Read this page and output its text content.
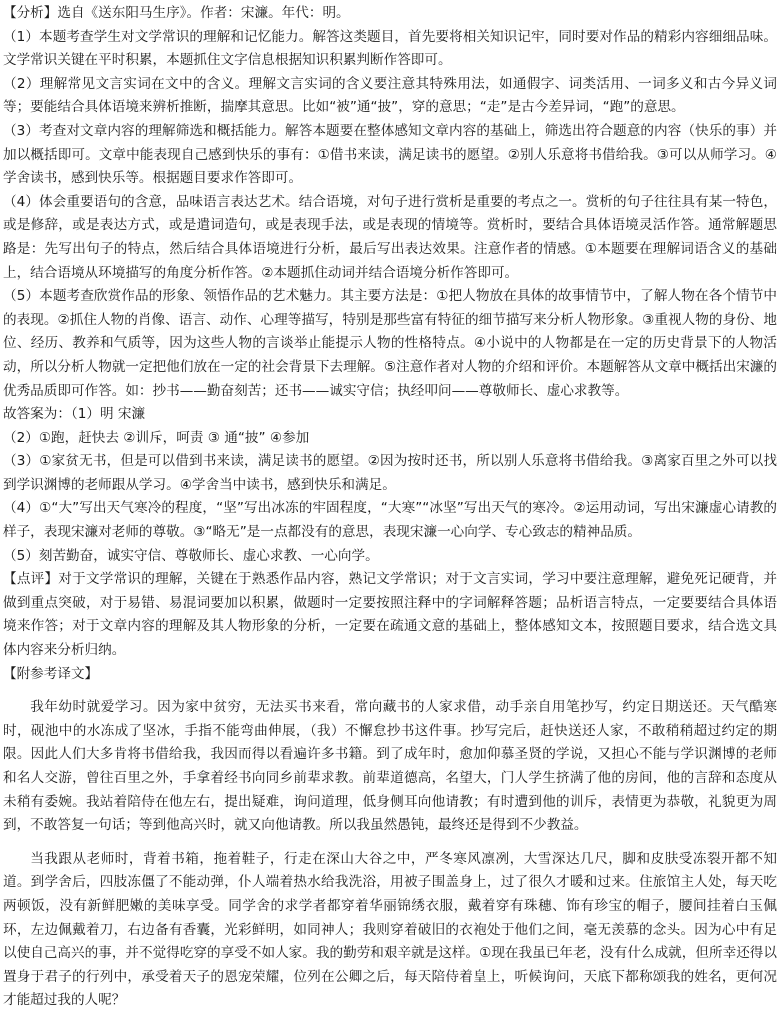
【分析】选自《送东阳马生序》。作者：宋濂。年代：明。

（1）本题考查学生对文学常识的理解和记忆能力。解答这类题目，首先要将相关知识记牢，同时要对作品的精彩内容细细品味。文学常识关键在平时积累，本题抓住文字信息根据知识积累判断作答即可。

（2）理解常见文言实词在文中的含义。理解文言实词的含义要注意其特殊用法，如通假字、词类活用、一词多义和古今异义词等；要能结合具体语境来辨析推断，揣摩其意思。比如“被”通“披”，穿的意思；“走”是古今差异词，“跑”的意思。

（3）考查对文章内容的理解筛选和概括能力。解答本题要在整体感知文章内容的基础上，筛选出符合题意的内容（快乐的事）并加以概括即可。文章中能表现自己感到快乐的事有：①借书来读，满足读书的愿望。②别人乐意将书借给我。③可以从师学习。④学舍读书，感到快乐等。根据题目要求作答即可。

（4）体会重要语句的含意，品味语言表达艺术。结合语境，对句子进行赏析是重要的考点之一。赏析的句子往往具有某一特色，或是修辞，或是表达方式，或是遣词造句，或是表现手法，或是表现的情境等。赏析时，要结合具体语境灵活作答。通常解题思路是：先写出句子的特点，然后结合具体语境进行分析，最后写出表达效果。注意作者的情感。①本题要在理解词语含义的基础上，结合语境从环境描写的角度分析作答。②本题抓住动词并结合语境分析作答即可。

（5）本题考查欣赏作品的形象、领悟作品的艺术魅力。其主要方法是：①把人物放在具体的故事情节中，了解人物在各个情节中的表现。②抓住人物的肖像、语言、动作、心理等描写，特别是那些富有特征的细节描写来分析人物形象。③重视人物的身份、地位、经历、教养和气质等，因为这些人物的言谈举止能提示人物的性格特点。④小说中的人物都是在一定的历史背景下的人物活动，所以分析人物就一定把他们放在一定的社会背景下去理解。⑤注意作者对人物的介绍和评价。本题解答从文章中概括出宋濂的优秀品质即可作答。如：抄书——勤奋刻苦；还书——诚实守信；执经叩问——尊敬师长、虚心求教等。

故答案为：（1）明 宋濂

（2）①跑，赶快去 ②训斥，呵责 ③ 通“披” ④参加

（3）①家贫无书，但是可以借到书来读，满足读书的愿望。②因为按时还书，所以别人乐意将书借给我。③离家百里之外可以找到学识渊博的老师跟从学习。④学舍当中读书，感到快乐和满足。

（4）①“大”写出天气寒冷的程度，“坚”写出冰冻的牢固程度，“大寒”“冰坚”写出天气的寒冷。②运用动词，写出宋濂虚心请教的样子，表现宋濂对老师的尊敬。③“略无”是一点都没有的意思，表现宋濂一心向学、专心致志的精神品质。

（5）刻苦勤奋，诚实守信、尊敬师长、虚心求教、一心向学。

【点评】对于文学常识的理解，关键在于熟悉作品内容，熟记文学常识；对于文言实词，学习中要注意理解，避免死记硬背，并做到重点突破，对于易错、易混词要加以积累，做题时一定要按照注释中的字词解释答题；品析语言特点，一定要要结合具体语境来作答；对于文章内容的理解及其人物形象的分析，一定要在疏通文意的基础上，整体感知文本，按照题目要求，结合选文具体内容来分析归纳。

【附参考译文】

我年幼时就爱学习。因为家中贫穷，无法买书来看，常向藏书的人家求借，动手亲自用笔抄写，约定日期送还。天气酷寒时，砚池中的水冻成了坚冰，手指不能弯曲伸展，（我）不懈怠抄书这件事。抄写完后，赶快送还人家，不敢稍稍超过约定的期限。因此人们大多肯将书借给我，我因而得以看遍许多书籍。到了成年时，愈加仰慕圣贤的学说，又担心不能与学识渊博的老师和名人交游，曾往百里之外，手拿着经书向同乡前辈求教。前辈道德高，名望大，门人学生挤满了他的房间，他的言辞和态度从未稍有委婉。我站着陪侍在他左右，提出疑难，询问道理，低身侧耳向他请教；有时遭到他的训斥，表情更为恭敬，礼貌更为周到，不敢答复一句话；等到他高兴时，就又向他请教。所以我虽然愚钝，最终还是得到不少教益。

当我跟从老师时，背着书箱，拖着鞋子，行走在深山大谷之中，严冬寒风凛冽，大雪深达几尺，脚和皮肤受冻裂开都不知道。到学舍后，四肢冻僵了不能动弹，仆人端着热水给我洗浴，用被子围盖身上，过了很久才暖和过来。住旅馆主人处，每天吃两顿饭，没有新鲜肥嫩的美味享受。同学舍的求学者都穿着华丽锦绣衣服，戴着穿有珠穗、饰有珍宝的帽子，腰间挂着白玉佩环，左边佩戴着刀，右边备有香囊，光彩鲜明，如同神人；我则穿着破旧的衣袍处于他们之间，毫无羡慕的念头。因为心中有足以使自己高兴的事，并不觉得吃穿的享受不如人家。我的勤劳和艰辛就是这样。①现在我虽已年老，没有什么成就，但所幸还得以置身于君子的行列中，承受着天子的恩宠荣耀，位列在公卿之后，每天陪侍着皇上，听候询问，天底下都称颂我的姓名，更何况才能超过我的人呢？
